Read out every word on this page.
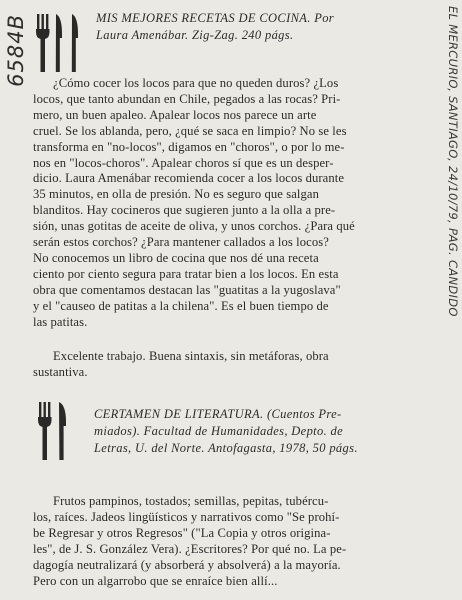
6584B	EL MERCURIO, SANTIAGO, 24/10/79, PAG.
CANDIDO
MIS MEJORES RECETAS DE COCINA. Por
Laura Amenábar. Zig-Zag. 240 págs.
¿Cómo cocer los locos para que no queden duros? ¿Los
locos, que tanto abundan en Chile, pegados a las rocas? Pri-
mero, un buen apaleo. Apalear locos nos parece un arte
cruel. Se los ablanda, pero, ¿qué se saca en limpio? No se les
transforma en "no-locos", digamos en "choros", o por lo me-
nos en "locos-choros". Apalear choros sí que es un desper-
dicio. Laura Amenábar recomienda cocer a los locos durante
35 minutos, en olla de presión. No es seguro que salgan
blanditos. Hay cocineros que sugieren junto a la olla a pre-
sión, unas gotitas de aceite de oliva, y unos corchos. ¿Para qué
serán estos corchos? ¿Para mantener callados a los locos?
No conocemos un libro de cocina que nos dé una receta
ciento por ciento segura para tratar bien a los locos. En esta
obra que comentamos destacan las "guatitas a la yugoslava"
y el "causeo de patitas a la chilena". Es el buen tiempo de
las patitas.
Excelente trabajo. Buena sintaxis, sin metáforas, obra
sustantiva.
CERTAMEN DE LITERATURA. (Cuentos Pre-
miados). Facultad de Humanidades, Depto. de
Letras, U. del Norte. Antofagasta, 1978, 50 págs.
Frutos pampinos, tostados; semillas, pepitas, tubércu-
los, raíces. Jadeos lingüísticos y narrativos como "Se prohí-
be Regresar y otros Regresos" ("La Copia y otros origina-
les", de J. S. González Vera). ¿Escritores? Por qué no. La pe-
dagogía neutralizará (y absorberá y absolverá) a la mayoría.
Pero con un algarrobo que se enraíce bien allí...
